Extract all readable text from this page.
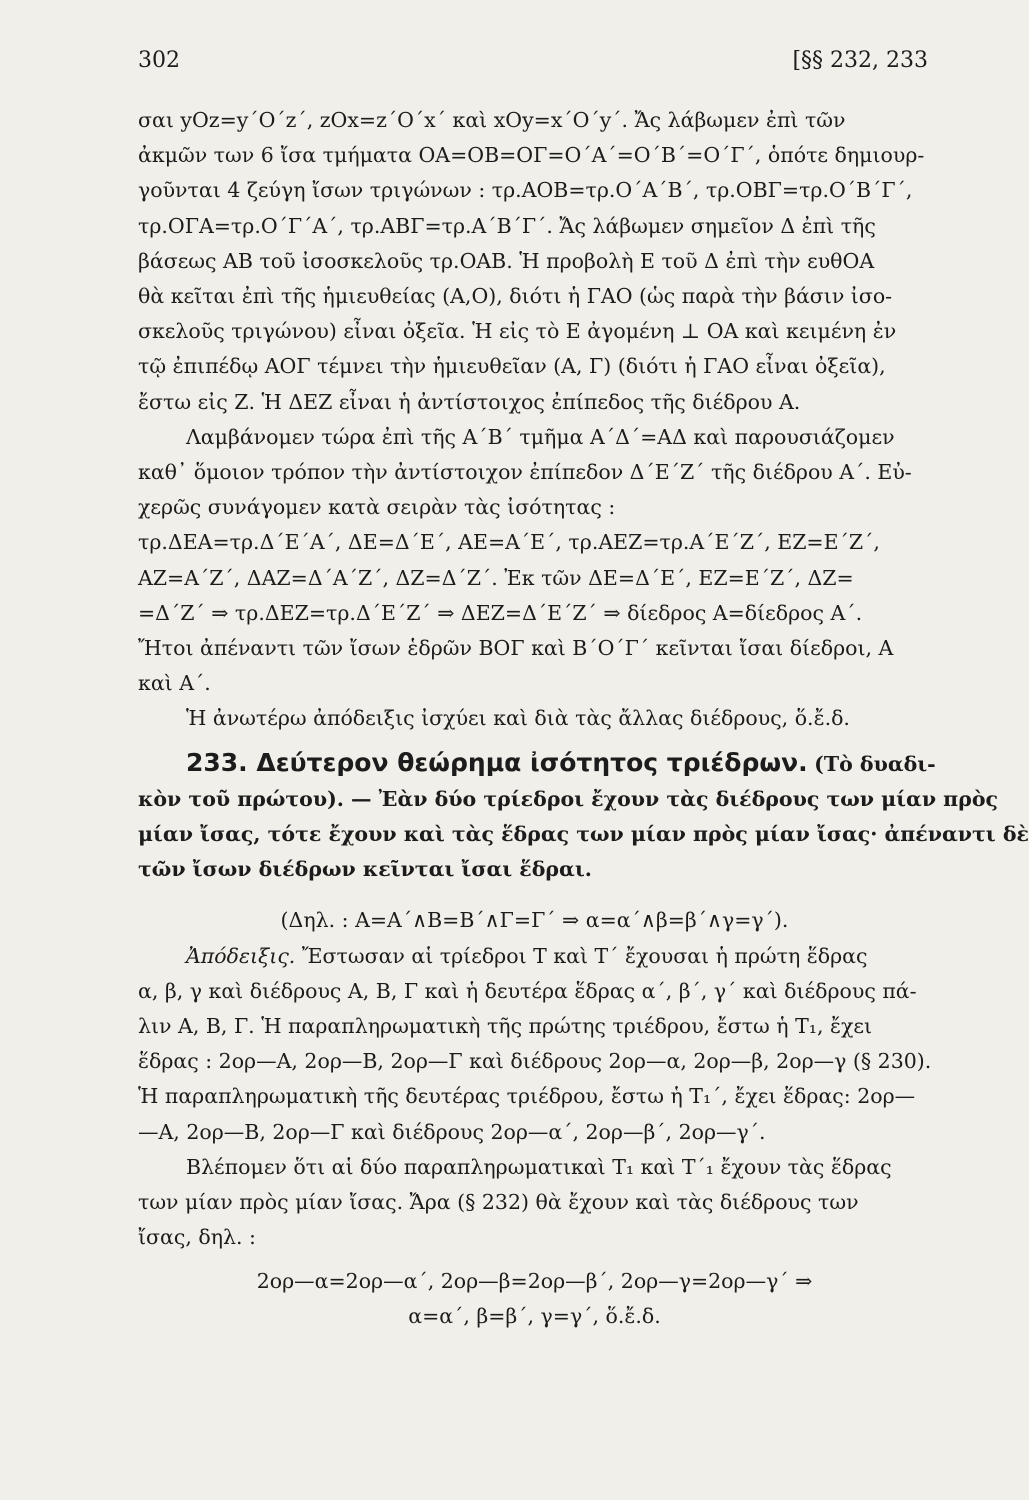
302	[§§ 232, 233
σαι yOz=y΄O΄z΄, zOx=z΄O΄x΄ καὶ xOy=x΄O΄y΄. Ἄς λάβωμεν ἐπὶ τῶν
ἀκμῶν των 6 ἴσα τμήματα ΟΑ=ΟΒ=ΟΓ=Ο΄Α΄=Ο΄Β΄=Ο΄Γ΄, ὁπότε δημιουρ-
γοῦνται 4 ζεύγη ἴσων τριγώνων : τρ.ΑΟΒ=τρ.Ο΄Α΄Β΄, τρ.ΟΒΓ=τρ.Ο΄Β΄Γ΄,
τρ.ΟΓΑ=τρ.Ο΄Γ΄Α΄, τρ.ΑΒΓ=τρ.Α΄Β΄Γ΄. Ἄς λάβωμεν σημεῖον Δ ἐπὶ τῆς
βάσεως ΑΒ τοῦ ἰσοσκελοῦς τρ.ΟΑΒ. Ἡ προβολὴ Ε τοῦ Δ ἐπὶ τὴν ευθΟΑ
θὰ κεῖται ἐπὶ τῆς ἡμιευθείας (Α,Ο), διότι ἡ ΓΑΟ (ὡς παρὰ τὴν βάσιν ἰσο-
σκελοῦς τριγώνου) εἶναι ὀξεῖα. Ἡ εἰς τὸ Ε ἀγομένη ⊥ ΟΑ καὶ κειμένη ἐν
τῷ ἐπιπέδῳ ΑΟΓ τέμνει τὴν ἡμιευθεῖαν (Α, Γ) (διότι ἡ ΓΑΟ εἶναι ὀξεῖα),
ἔστω εἰς Ζ. Ἡ ΔΕΖ εἶναι ἡ ἀντίστοιχος ἐπίπεδος τῆς διέδρου Α.
Λαμβάνομεν τώρα ἐπὶ τῆς Α΄Β΄ τμῆμα Α΄Δ΄=ΑΔ καὶ παρουσιάζομεν
καθ᾽ ὅμοιον τρόπον τὴν ἀντίστοιχον ἐπίπεδον Δ΄Ε΄Ζ΄ τῆς διέδρου Α΄. Εὐ-
χερῶς συνάγομεν κατὰ σειρὰν τὰς ἰσότητας :
τρ.ΔΕΑ=τρ.Δ΄Ε΄Α΄, ΔΕ=Δ΄Ε΄, ΑΕ=Α΄Ε΄, τρ.ΑΕΖ=τρ.Α΄Ε΄Ζ΄, ΕΖ=Ε΄Ζ΄,
ΑΖ=Α΄Ζ΄, ΔΑΖ=Δ΄Α΄Ζ΄, ΔΖ=Δ΄Ζ΄. Ἐκ τῶν ΔΕ=Δ΄Ε΄, ΕΖ=Ε΄Ζ΄, ΔΖ=
=Δ΄Ζ΄ ⇒ τρ.ΔΕΖ=τρ.Δ΄Ε΄Ζ΄ ⇒ ΔΕΖ=Δ΄Ε΄Ζ΄ ⇒ δίεδρος Α=δίεδρος Α΄.
Ἤτοι ἀπέναντι τῶν ἴσων ἑδρῶν ΒΟΓ καὶ Β΄Ο΄Γ΄ κεῖνται ἴσαι δίεδροι, Α
καὶ Α΄.
Ἡ ἀνωτέρω ἀπόδειξις ἰσχύει καὶ διὰ τὰς ἄλλας διέδρους, ὅ.ἔ.δ.
233. Δεύτερον θεώρημα ἰσότητος τριέδρων. (Τὸ δυαδι-
κὸν τοῦ πρώτου). — Ἐὰν δύο τρίεδροι ἔχουν τὰς διέδρους των μίαν πρὸς
μίαν ἴσας, τότε ἔχουν καὶ τὰς ἕδρας των μίαν πρὸς μίαν ἴσας· ἀπέναντι δὲ
τῶν ἴσων διέδρων κεῖνται ἴσαι ἕδραι.
(Δηλ. : Α=Α΄∧Β=Β΄∧Γ=Γ΄ ⇒ α=α΄∧β=β΄∧γ=γ΄).
Ἀπόδειξις. Ἔστωσαν αἱ τρίεδροι Τ καὶ Τ΄ ἔχουσαι ἡ πρώτη ἕδρας
α, β, γ καὶ διέδρους Α, Β, Γ καὶ ἡ δευτέρα ἕδρας α΄, β΄, γ΄ καὶ διέδρους πά-
λιν Α, Β, Γ. Ἡ παραπληρωματικὴ τῆς πρώτης τριέδρου, ἔστω ἡ Τ₁, ἔχει
ἕδρας : 2ορ—Α, 2ορ—Β, 2ορ—Γ καὶ διέδρους 2ορ—α, 2ορ—β, 2ορ—γ (§ 230).
Ἡ παραπληρωματικὴ τῆς δευτέρας τριέδρου, ἔστω ἡ Τ₁΄, ἔχει ἕδρας: 2ορ—
—Α, 2ορ—Β, 2ορ—Γ καὶ διέδρους 2ορ—α΄, 2ορ—β΄, 2ορ—γ΄.
Βλέπομεν ὅτι αἱ δύο παραπληρωματικαὶ Τ₁ καὶ Τ΄₁ ἔχουν τὰς ἕδρας
των μίαν πρὸς μίαν ἴσας. Ἄρα (§ 232) θὰ ἔχουν καὶ τὰς διέδρους των
ἴσας, δηλ. :
2ορ—α=2ορ—α΄, 2ορ—β=2ορ—β΄, 2ορ—γ=2ορ—γ΄ ⇒
α=α΄, β=β΄, γ=γ΄, ὅ.ἔ.δ.
